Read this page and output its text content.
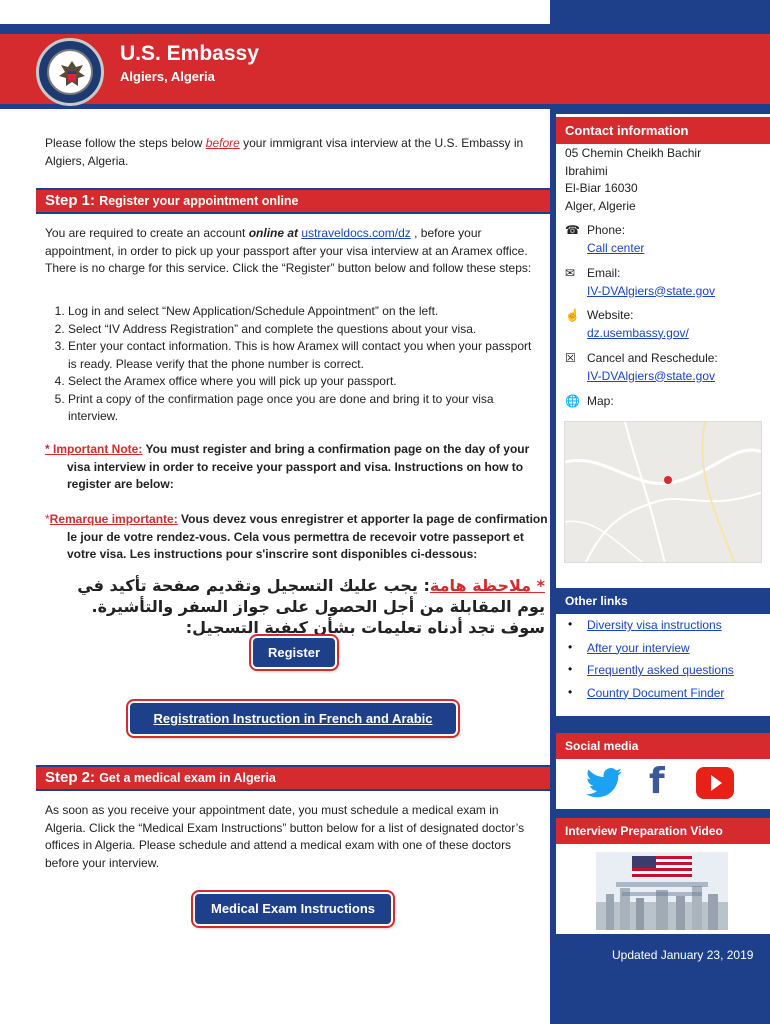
U.S. Embassy
Algiers, Algeria
Please follow the steps below before your immigrant visa interview at the U.S. Embassy in Algiers, Algeria.
Step 1: Register your appointment online
You are required to create an account online at ustraveldocs.com/dz , before your appointment, in order to pick up your passport after your visa interview at an Aramex office. There is no charge for this service. Click the “Register” button below and follow these steps:
1. Log in and select “New Application/Schedule Appointment” on the left.
2. Select “IV Address Registration” and complete the questions about your visa.
3. Enter your contact information. This is how Aramex will contact you when your passport is ready. Please verify that the phone number is correct.
4. Select the Aramex office where you will pick up your passport.
5. Print a copy of the confirmation page once you are done and bring it to your visa interview.
* Important Note: You must register and bring a confirmation page on the day of your visa interview in order to receive your passport and visa. Instructions on how to register are below:
*Remarque importante: Vous devez vous enregistrer et apporter la page de confirmation le jour de votre rendez-vous. Cela vous permettra de recevoir votre passeport et votre visa. Les instructions pour s'inscrire sont disponibles ci-dessous:
* ملاحظة هامة: يجب عليك التسجيل وتقديم صفحة تأكيد في يوم المقابلة من أجل الحصول على جواز السفر والتأشيرة. سوف تجد أدناه تعليمات بشأن كيفية التسجيل:
Register
Registration Instruction in French and Arabic
Step 2: Get a medical exam in Algeria
As soon as you receive your appointment date, you must schedule a medical exam in Algeria. Click the “Medical Exam Instructions” button below for a list of designated doctor’s offices in Algeria. Please schedule and attend a medical exam with one of these doctors before your interview.
Medical Exam Instructions
Contact information
05 Chemin Cheikh Bachir
Ibrahimi
El-Biar 16030
Alger, Algerie
☎ Phone:
Call center
✉ Email:
IV-DVAlgiers@state.gov
☝ Website:
dz.usembassy.gov/
☒ Cancel and Reschedule:
IV-DVAlgiers@state.gov
🌐 Map:
Other links
• Diversity visa instructions
• After your interview
• Frequently asked questions
• Country Document Finder
Social media
f
Interview Preparation Video
Updated January 23, 2019
